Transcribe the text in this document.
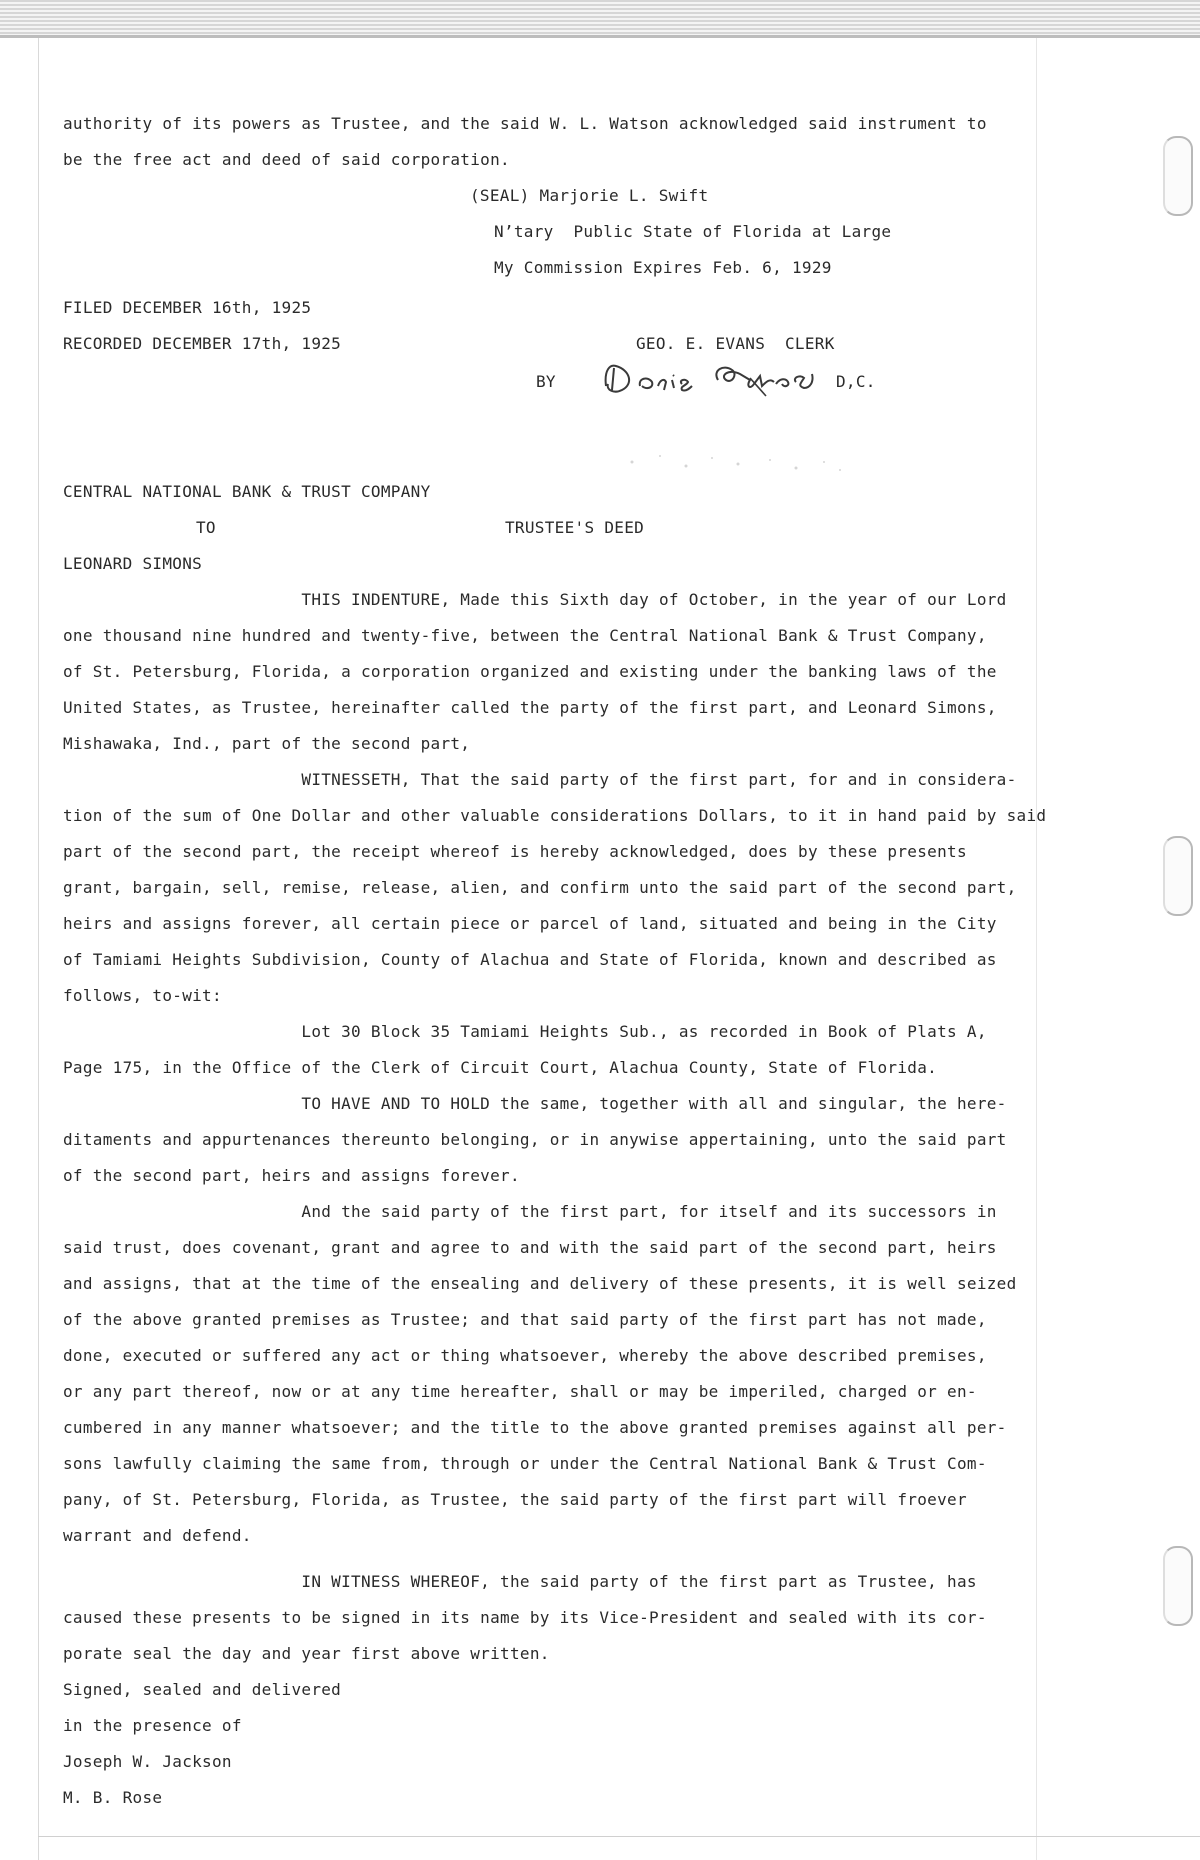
authority of its powers as Trustee, and the said W. L. Watson acknowledged said instrument to
be the free act and deed of said corporation.
(SEAL) Marjorie L. Swift
N’tary  Public State of Florida at Large
My Commission Expires Feb. 6, 1929
FILED DECEMBER 16th, 1925
RECORDED DECEMBER 17th, 1925	GEO. E. EVANS  CLERK
BY	D,C.
CENTRAL NATIONAL BANK & TRUST COMPANY
TO	TRUSTEE'S DEED
LEONARD SIMONS
THIS INDENTURE, Made this Sixth day of October, in the year of our Lord
one thousand nine hundred and twenty-five, between the Central National Bank & Trust Company,
of St. Petersburg, Florida, a corporation organized and existing under the banking laws of the
United States, as Trustee, hereinafter called the party of the first part, and Leonard Simons,
Mishawaka, Ind., part of the second part,
WITNESSETH, That the said party of the first part, for and in considera-
tion of the sum of One Dollar and other valuable considerations Dollars, to it in hand paid by said
part of the second part, the receipt whereof is hereby acknowledged, does by these presents
grant, bargain, sell, remise, release, alien, and confirm unto the said part of the second part,
heirs and assigns forever, all certain piece or parcel of land, situated and being in the City
of Tamiami Heights Subdivision, County of Alachua and State of Florida, known and described as
follows, to-wit:
Lot 30 Block 35 Tamiami Heights Sub., as recorded in Book of Plats A,
Page 175, in the Office of the Clerk of Circuit Court, Alachua County, State of Florida.
TO HAVE AND TO HOLD the same, together with all and singular, the here-
ditaments and appurtenances thereunto belonging, or in anywise appertaining, unto the said part
of the second part, heirs and assigns forever.
And the said party of the first part, for itself and its successors in
said trust, does covenant, grant and agree to and with the said part of the second part, heirs
and assigns, that at the time of the ensealing and delivery of these presents, it is well seized
of the above granted premises as Trustee; and that said party of the first part has not made,
done, executed or suffered any act or thing whatsoever, whereby the above described premises,
or any part thereof, now or at any time hereafter, shall or may be imperiled, charged or en-
cumbered in any manner whatsoever; and the title to the above granted premises against all per-
sons lawfully claiming the same from, through or under the Central National Bank & Trust Com-
pany, of St. Petersburg, Florida, as Trustee, the said party of the first part will froever
warrant and defend.
IN WITNESS WHEREOF, the said party of the first part as Trustee, has
caused these presents to be signed in its name by its Vice-President and sealed with its cor-
porate seal the day and year first above written.
Signed, sealed and delivered
in the presence of
Joseph W. Jackson
M. B. Rose
